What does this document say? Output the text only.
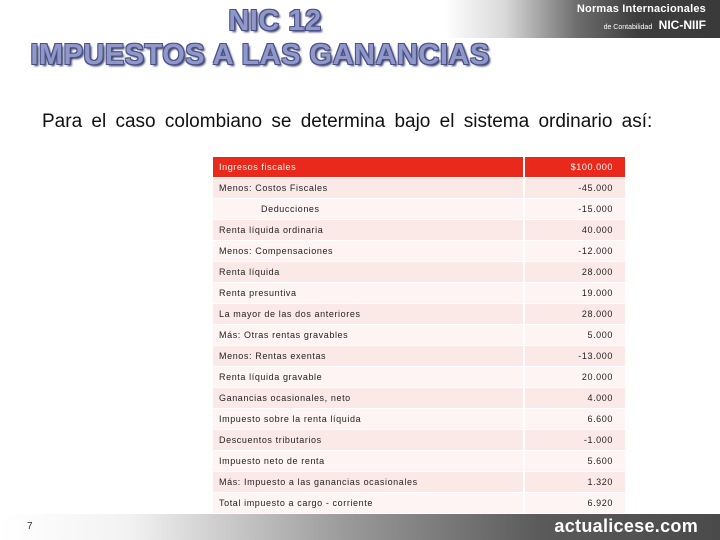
NIC 12
IMPUESTOS A LAS GANANCIAS
Normas Internacionales
de Contabilidad NIC-NIIF
Para el caso colombiano se determina bajo el sistema ordinario así:
Ingresos fiscales	$100.000
Menos: Costos Fiscales	-45.000
Deducciones	-15.000
Renta líquida ordinaria	40.000
Menos: Compensaciones	-12.000
Renta líquida	28.000
Renta presuntiva	19.000
La mayor de las dos anteriores	28.000
Más: Otras rentas gravables	5.000
Menos: Rentas exentas	-13.000
Renta líquida gravable	20.000
Ganancias ocasionales, neto	4.000
Impuesto sobre la renta líquida	6.600
Descuentos tributarios	-1.000
Impuesto neto de renta	5.600
Más: Impuesto a las ganancias ocasionales	1.320
Total impuesto a cargo - corriente	6.920
7	actualicese.com
